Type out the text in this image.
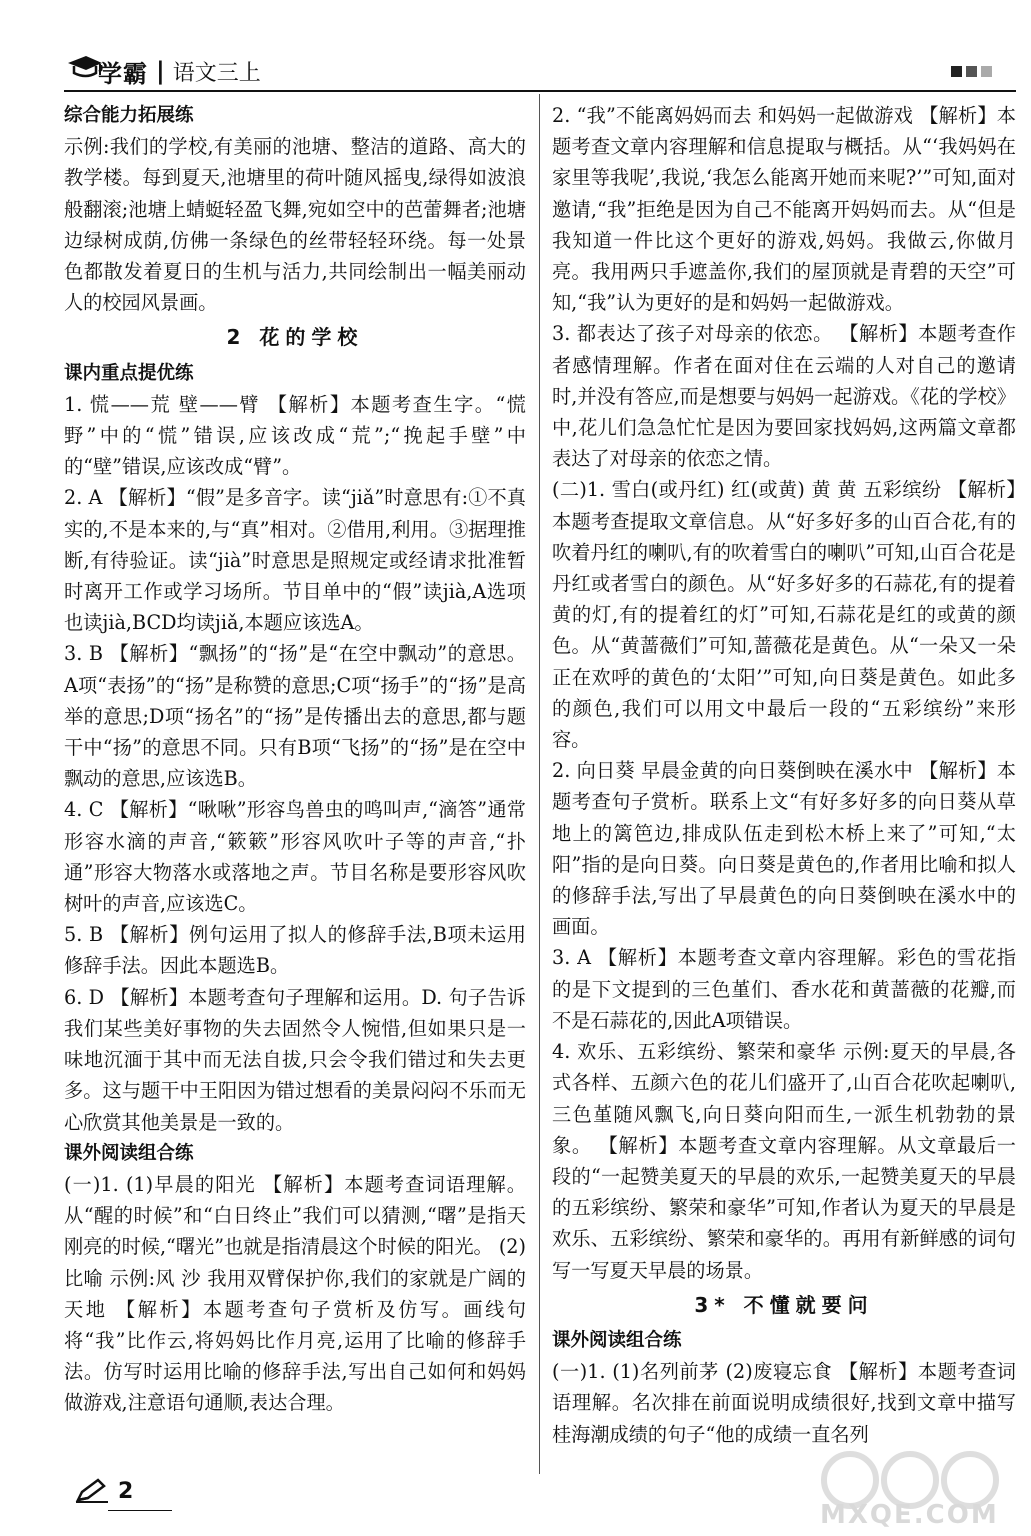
学霸 | 语文三上

综合能力拓展练

示例:我们的学校,有美丽的池塘、整洁的道路、高大的教学楼。每到夏天,池塘里的荷叶随风摇曳,绿得如波浪般翻滚;池塘上蜻蜓轻盈飞舞,宛如空中的芭蕾舞者;池塘边绿树成荫,仿佛一条绿色的丝带轻轻环绕。每一处景色都散发着夏日的生机与活力,共同绘制出一幅美丽动人的校园风景画。

2 花的学校

课内重点提优练

1. 慌——荒 壁——臂 【解析】本题考查生字。“慌野”中的“慌”错误,应该改成“荒”;“挽起手壁”中的“壁”错误,应该改成“臂”。

2. A 【解析】“假”是多音字。读“jiǎ”时意思有:①不真实的,不是本来的,与“真”相对。②借用,利用。③据理推断,有待验证。读“jià”时意思是照规定或经请求批准暂时离开工作或学习场所。节目单中的“假”读jià,A选项也读jià,BCD均读jiǎ,本题应该选A。

3. B 【解析】“飘扬”的“扬”是“在空中飘动”的意思。A项“表扬”的“扬”是称赞的意思;C项“扬手”的“扬”是高举的意思;D项“扬名”的“扬”是传播出去的意思,都与题干中“扬”的意思不同。只有B项“飞扬”的“扬”是在空中飘动的意思,应该选B。

4. C 【解析】“啾啾”形容鸟兽虫的鸣叫声,“滴答”通常形容水滴的声音,“簌簌”形容风吹叶子等的声音,“扑通”形容大物落水或落地之声。节目名称是要形容风吹树叶的声音,应该选C。

5. B 【解析】例句运用了拟人的修辞手法,B项未运用修辞手法。因此本题选B。

6. D 【解析】本题考查句子理解和运用。D. 句子告诉我们某些美好事物的失去固然令人惋惜,但如果只是一味地沉湎于其中而无法自拔,只会令我们错过和失去更多。这与题干中王阳因为错过想看的美景闷闷不乐而无心欣赏其他美景是一致的。

课外阅读组合练

(一)1. (1)早晨的阳光 【解析】本题考查词语理解。从“醒的时候”和“白日终止”我们可以猜测,“曙”是指天刚亮的时候,“曙光”也就是指清晨这个时候的阳光。 (2)比喻 示例:风 沙 我用双臂保护你,我们的家就是广阔的天地 【解析】本题考查句子赏析及仿写。画线句将“我”比作云,将妈妈比作月亮,运用了比喻的修辞手法。仿写时运用比喻的修辞手法,写出自己如何和妈妈做游戏,注意语句通顺,表达合理。

2. “我”不能离妈妈而去 和妈妈一起做游戏 【解析】本题考查文章内容理解和信息提取与概括。从“‘我妈妈在家里等我呢’,我说,‘我怎么能离开她而来呢?’”可知,面对邀请,“我”拒绝是因为自己不能离开妈妈而去。从“但是我知道一件比这个更好的游戏,妈妈。我做云,你做月亮。我用两只手遮盖你,我们的屋顶就是青碧的天空”可知,“我”认为更好的是和妈妈一起做游戏。

3. 都表达了孩子对母亲的依恋。 【解析】本题考查作者感情理解。作者在面对住在云端的人对自己的邀请时,并没有答应,而是想要与妈妈一起游戏。《花的学校》中,花儿们急急忙忙是因为要回家找妈妈,这两篇文章都表达了对母亲的依恋之情。

(二)1. 雪白(或丹红) 红(或黄) 黄 黄 五彩缤纷 【解析】本题考查提取文章信息。从“好多好多的山百合花,有的吹着丹红的喇叭,有的吹着雪白的喇叭”可知,山百合花是丹红或者雪白的颜色。从“好多好多的石蒜花,有的提着黄的灯,有的提着红的灯”可知,石蒜花是红的或黄的颜色。从“黄蔷薇们”可知,蔷薇花是黄色。从“一朵又一朵正在欢呼的黄色的‘太阳’”可知,向日葵是黄色。如此多的颜色,我们可以用文中最后一段的“五彩缤纷”来形容。

2. 向日葵 早晨金黄的向日葵倒映在溪水中 【解析】本题考查句子赏析。联系上文“有好多好多的向日葵从草地上的篱笆边,排成队伍走到松木桥上来了”可知,“太阳”指的是向日葵。向日葵是黄色的,作者用比喻和拟人的修辞手法,写出了早晨黄色的向日葵倒映在溪水中的画面。

3. A 【解析】本题考查文章内容理解。彩色的雪花指的是下文提到的三色堇们、香水花和黄蔷薇的花瓣,而不是石蒜花的,因此A项错误。

4. 欢乐、五彩缤纷、繁荣和豪华 示例:夏天的早晨,各式各样、五颜六色的花儿们盛开了,山百合花吹起喇叭,三色堇随风飘飞,向日葵向阳而生,一派生机勃勃的景象。 【解析】本题考查文章内容理解。从文章最后一段的“一起赞美夏天的早晨的欢乐,一起赞美夏天的早晨的五彩缤纷、繁荣和豪华”可知,作者认为夏天的早晨是欢乐、五彩缤纷、繁荣和豪华的。再用有新鲜感的词句写一写夏天早晨的场景。

3* 不懂就要问

课外阅读组合练

(一)1. (1)名列前茅 (2)废寝忘食 【解析】本题考查词语理解。名次排在前面说明成绩很好,找到文章中描写桂海潮成绩的句子“他的成绩一直名列

2
MXQE.COM
